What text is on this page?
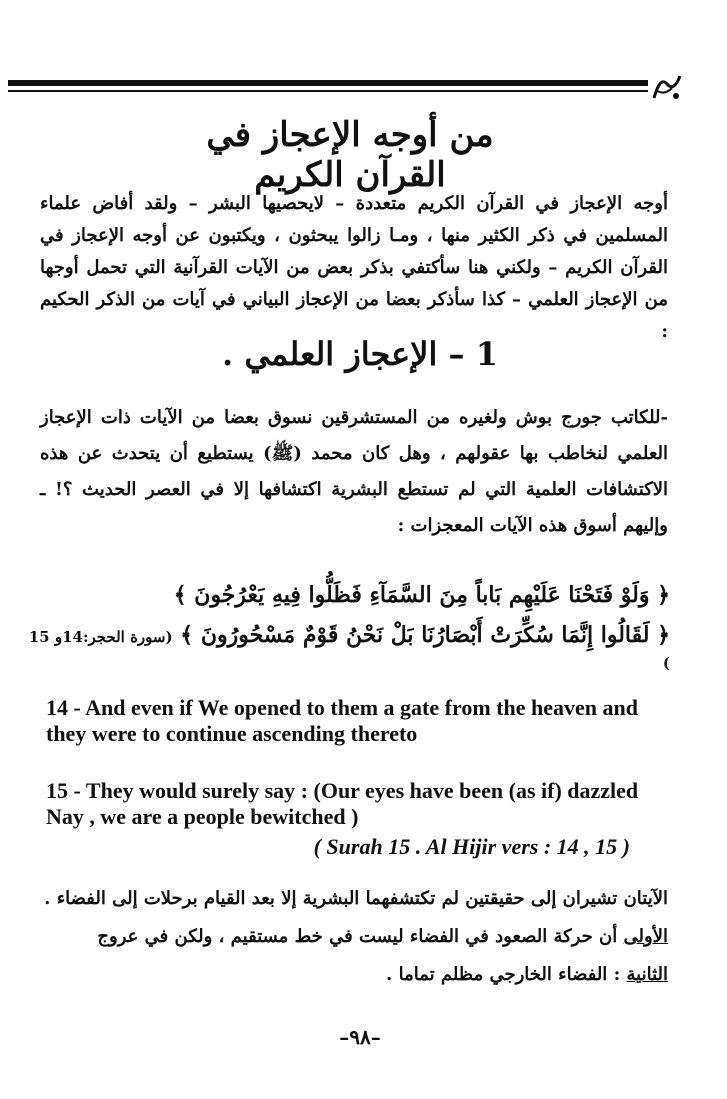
من أوجه الإعجاز في القرآن الكريم
أوجه الإعجاز في القرآن الكريم متعددة – لايحصيها البشر – ولقد أفاض علماء المسلمين في ذكر الكثير منها ، ومـا زالوا يبحثون ، ويكتبون عن أوجه الإعجاز في القرآن الكريم – ولكني هنا سأكتفي بذكر بعض من الآيات القرآنية التي تحمل أوجها من الإعجاز العلمي – كذا سأذكر بعضا من الإعجاز البياني في آيات من الذكر الحكيم :
1 – الإعجاز العلمي .
-للكاتب جورج بوش ولغيره من المستشرقين نسوق بعضا من الآيات ذات الإعجاز العلمي لنخاطب بها عقولهم ، وهل كان محمد (ﷺ) يستطيع أن يتحدث عن هذه الاكتشافات العلمية التي لم تستطع البشرية اكتشافها إلا في العصر الحديث ؟! ـ وإليهم أسوق هذه الآيات المعجزات :
﴿ وَلَوْ فَتَحْنَا عَلَيْهِم بَاباً مِنَ السَّمَآءِ فَظَلُّوا فِيهِ يَعْرُجُونَ ﴾
﴿ لَقَالُوا إِنَّمَا سُكِّرَتْ أَبْصَارُنَا بَلْ نَحْنُ قَوْمٌ مَسْحُورُونَ ﴾ (سورة الحجر:14و 15 )
14 - And even if We opened to them a gate from the heaven and they were to continue ascending thereto
15 - They would surely say : (Our eyes have been (as if) dazzled Nay , we are a people bewitched )
( Surah 15 . Al Hijir vers : 14 , 15 )
الآيتان تشيران إلى حقيقتين لم تكتشفهما البشرية إلا بعد القيام برحلات إلى الفضاء .
الأولى أن حركة الصعود في الفضاء ليست في خط مستقيم ، ولكن في عروج
الثانية : الفضاء الخارجي مظلم تماما .
–٩٨–
